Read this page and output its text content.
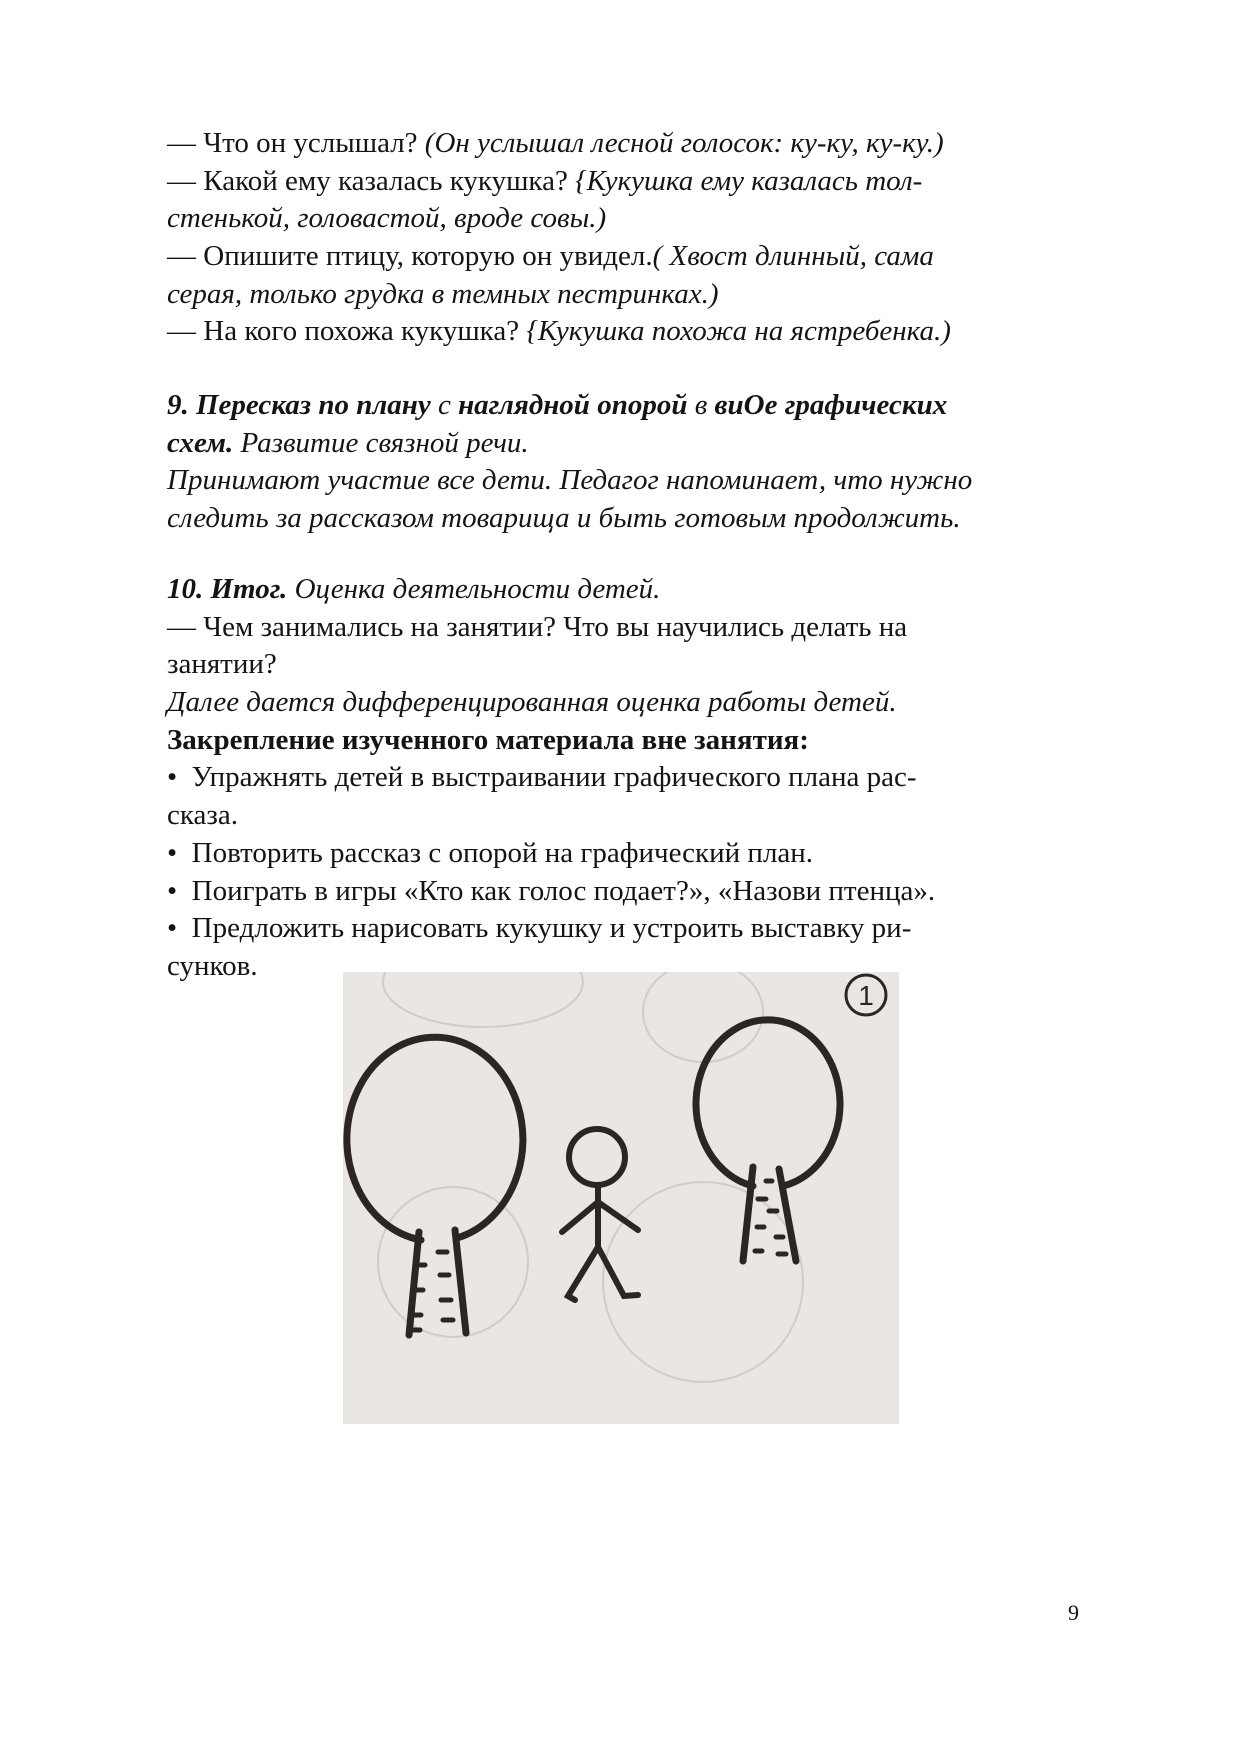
— Что он услышал? (Он услышал лесной голосок: ку-ку, ку-ку.)
— Какой ему казалась кукушка? {Кукушка ему казалась тол-
стенькой, головастой, вроде совы.)
— Опишите птицу, которую он увидел.( Хвост длинный, сама
серая, только грудка в темных пестринках.)
— На кого похожа кукушка? {Кукушка похожа на ястребенка.)
9. Пересказ по плану с наглядной опорой в виОе графических
схем. Развитие связной речи.
Принимают участие все дети. Педагог напоминает, что нужно
следить за рассказом товарища и быть готовым продолжить.
10. Итог. Оценка деятельности детей.
— Чем занимались на занятии? Что вы научились делать на
занятии?
Далее дается дифференцированная оценка работы детей.
Закрепление изученного материала вне занятия:
• Упражнять детей в выстраивании графического плана рас-
сказа.
• Повторить рассказ с опорой на графический план.
• Поиграть в игры «Кто как голос подает?», «Назови птенца».
• Предложить нарисовать кукушку и устроить выставку ри-
сунков.
1
9
